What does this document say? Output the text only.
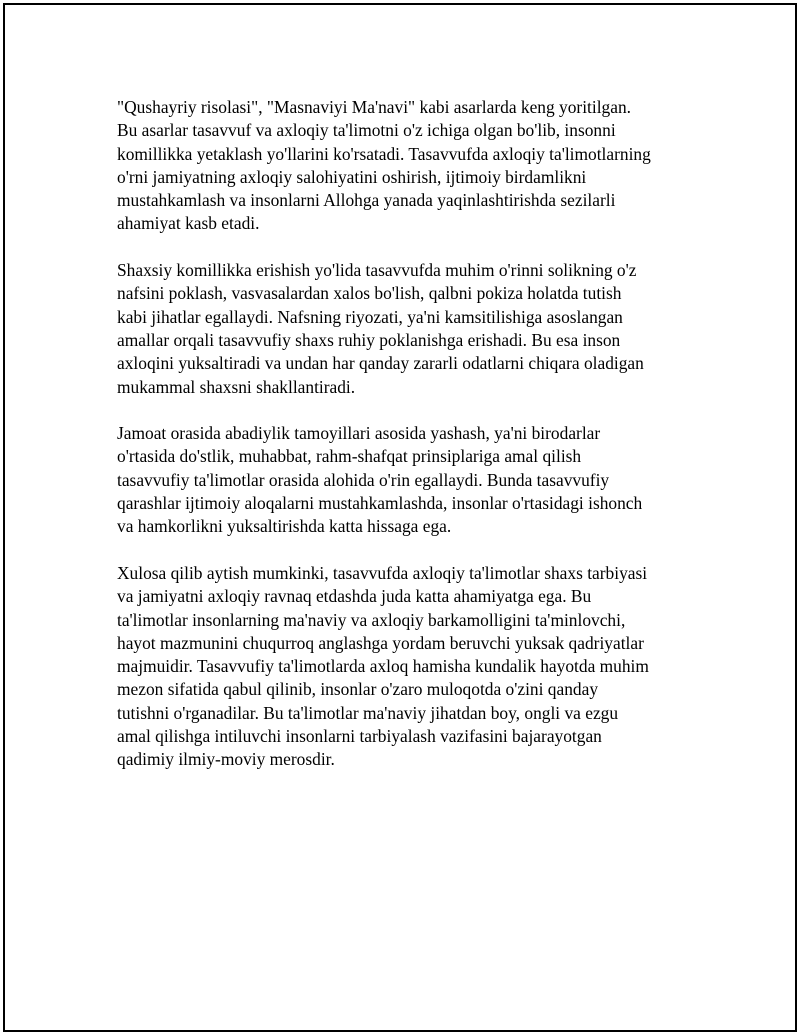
"Qushayriy risolasi", "Masnaviyi Ma'navi" kabi asarlarda keng yoritilgan.
Bu asarlar tasavvuf va axloqiy ta'limotni o'z ichiga olgan bo'lib, insonni
komillikka yetaklash yo'llarini ko'rsatadi. Tasavvufda axloqiy ta'limotlarning
o'rni jamiyatning axloqiy salohiyatini oshirish, ijtimoiy birdamlikni
mustahkamlash va insonlarni Allohga yanada yaqinlashtirishda sezilarli
ahamiyat kasb etadi.

Shaxsiy komillikka erishish yo'lida tasavvufda muhim o'rinni solikning o'z
nafsini poklash, vasvasalardan xalos bo'lish, qalbni pokiza holatda tutish
kabi jihatlar egallaydi. Nafsning riyozati, ya'ni kamsitilishiga asoslangan
amallar orqali tasavvufiy shaxs ruhiy poklanishga erishadi. Bu esa inson
axloqini yuksaltiradi va undan har qanday zararli odatlarni chiqara oladigan
mukammal shaxsni shakllantiradi.

Jamoat orasida abadiylik tamoyillari asosida yashash, ya'ni birodarlar
o'rtasida do'stlik, muhabbat, rahm-shafqat prinsiplariga amal qilish
tasavvufiy ta'limotlar orasida alohida o'rin egallaydi. Bunda tasavvufiy
qarashlar ijtimoiy aloqalarni mustahkamlashda, insonlar o'rtasidagi ishonch
va hamkorlikni yuksaltirishda katta hissaga ega.

Xulosa qilib aytish mumkinki, tasavvufda axloqiy ta'limotlar shaxs tarbiyasi
va jamiyatni axloqiy ravnaq etdashda juda katta ahamiyatga ega. Bu
ta'limotlar insonlarning ma'naviy va axloqiy barkamolligini ta'minlovchi,
hayot mazmunini chuqurroq anglashga yordam beruvchi yuksak qadriyatlar
majmuidir. Tasavvufiy ta'limotlarda axloq hamisha kundalik hayotda muhim
mezon sifatida qabul qilinib, insonlar o'zaro muloqotda o'zini qanday
tutishni o'rganadilar. Bu ta'limotlar ma'naviy jihatdan boy, ongli va ezgu
amal qilishga intiluvchi insonlarni tarbiyalash vazifasini bajarayotgan
qadimiy ilmiy-moviy merosdir.
